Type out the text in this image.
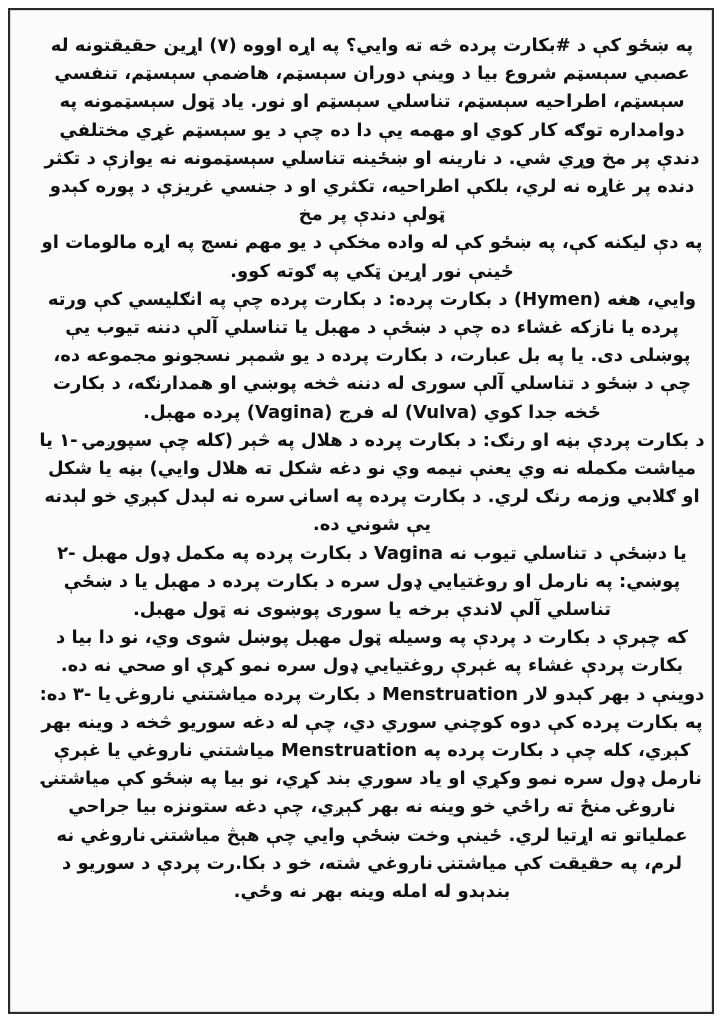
پە ښځو کې د #بکارت پردە څه ته وايي؟ په اړه اووه (۷) اړين حقيقتونه لە عصبي سېسټم شروع بیا د وینې دوران سېسټم، هاضمې سېسټم، تنفسي سېسټم، اطراحیه سېسټم، تناسلي سېسټم او نور. یاد ټول سېسټمونه پە دوامداره توګه کار کوي او مهمه یې دا ده چې د یو سېسټم غړي مختلفي دندې پر مخ وړي شي. د نارینه او ښځینه تناسلي سېسټمونه نه یوازې د تکثر دنده پر غاړه نه لري، بلکې اطراحیه، تکثري او د جنسي غریزې د پوره کېدو ټولې دندې پر مخ

پە دې لیکنه کې، په ښځو کې له واده مخکې د یو مهم نسج په اړه مالومات او ځینې نور اړین ټکي په ګوته کوو.

وايي، هغه (Hymen) د بکارت پردە: د بکارت پردە چې په انګليسي کې ورته پردە یا نازکه غشاء ده چې د ښځې د مهبل یا تناسلي آلې دننه تیوب یې پوښلی دی. یا په بل عبارت، د بکارت پردە د یو شمېر نسجونو مجموعه ده، چې د ښځو د تناسلي آلې سوری له دننه څخه پوښي او همدارنګه، د بکارت ځخه جدا کوي (Vulva) له فرج (Vagina) پردە مهبل.

د بکارت پردې بڼه او رنګ: د بکارت پردە د هلال په څېر (کله چې سپوږمۍ -۱ یا میاشت مکمله نه وي یعنې نیمه وي نو دغه شکل ته هلال وايي) بڼه یا شکل او ګلابي وزمه رنګ لري. د بکارت پردە په اسانۍ سره نه لېدل کېږي خو لېدنه یې شوني ده.

یا دښځې د تناسلي تیوب نه Vagina د بکارت پردە په مکمل ډول مهبل -۲ پوښي: په نارمل او روغتیايي ډول سره د بکارت پردە د مهبل یا د ښځې تناسلي آلې لاندې برخه یا سوری پوښوی نه ټول مهبل.

که چېرې د بکارت د پردې په وسیله ټول مهبل پوښل شوی وي، نو دا بیا د بکارت پردې غشاء په غېرې روغتیايي ډول سره نمو کړې او صحي نه ده.

دوینې د بهر کېدو لار Menstruation د بکارت پردە میاشتني ناروغۍ یا -۳ ده: په بکارت پردە کې دوه کوچني سوري دي، چې له دغه سوریو څخه د وینه بهر کېږي، کله چې د بکارت پردە په Menstruation میاشتني ناروغي یا غېرې نارمل ډول سره نمو وکړي او یاد سوري بند کړي، نو بیا په ښځو کې میاشتنۍ ناروغۍ منځ ته راځي خو وینه نه بهر کېږي، چې دغه ستونزه بیا جراحي عملیاتو ته اړتیا لري. ځینې وخت ښځې وايي چې هېڅ میاشتنۍ ناروغي نه لرم، په حقیقت کې میاشتنۍ ناروغي شته، خو د بکا.رت پردې د سوریو د بندېدو له امله وینه بهر نه وځي.
